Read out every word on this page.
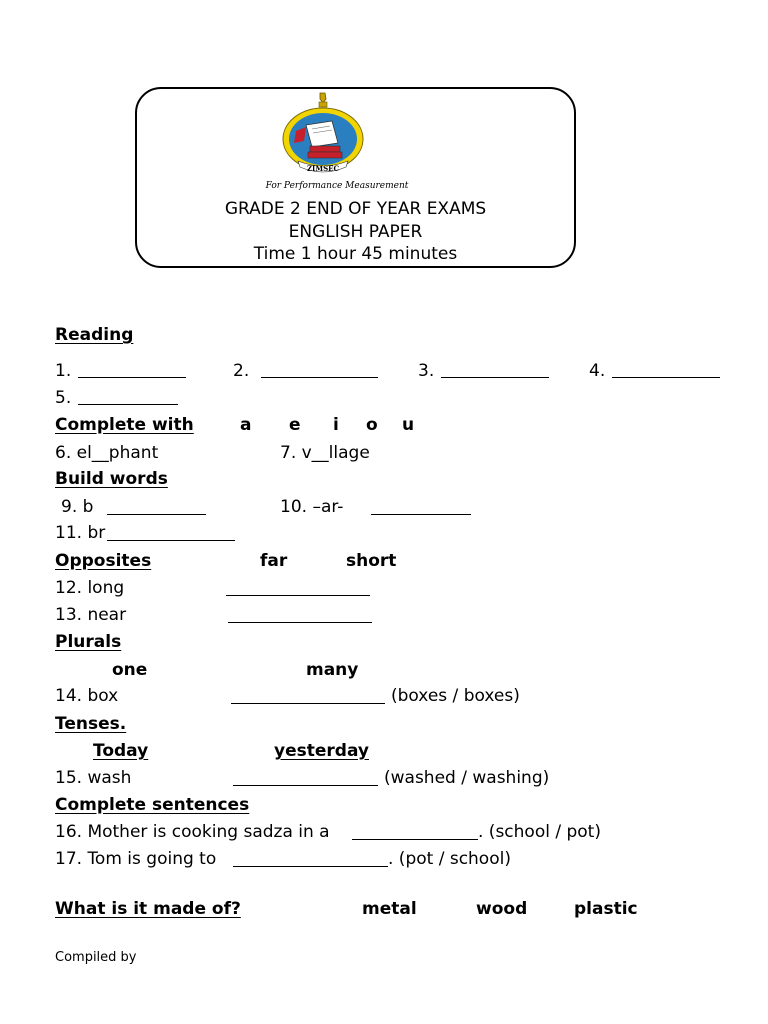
ZIMSEC
For Performance Measurement
GRADE 2 END OF YEAR EXAMS
ENGLISH PAPER
Time 1 hour 45 minutes
Reading
1.	2.	3.	4.
5.
Complete with	a e i o u
6. el__phant	7. v__llage
Build words
9. b	10. –ar-
11. br
Opposites	far	short
12. long
13. near
Plurals
one	many
14. box	(boxes / boxes)
Tenses.
Today	yesterday
15. wash	(washed / washing)
Complete sentences
16. Mother is cooking sadza in a	. (school / pot)
17. Tom is going to	. (pot / school)
What is it made of?	metal	wood	plastic
Compiled by
